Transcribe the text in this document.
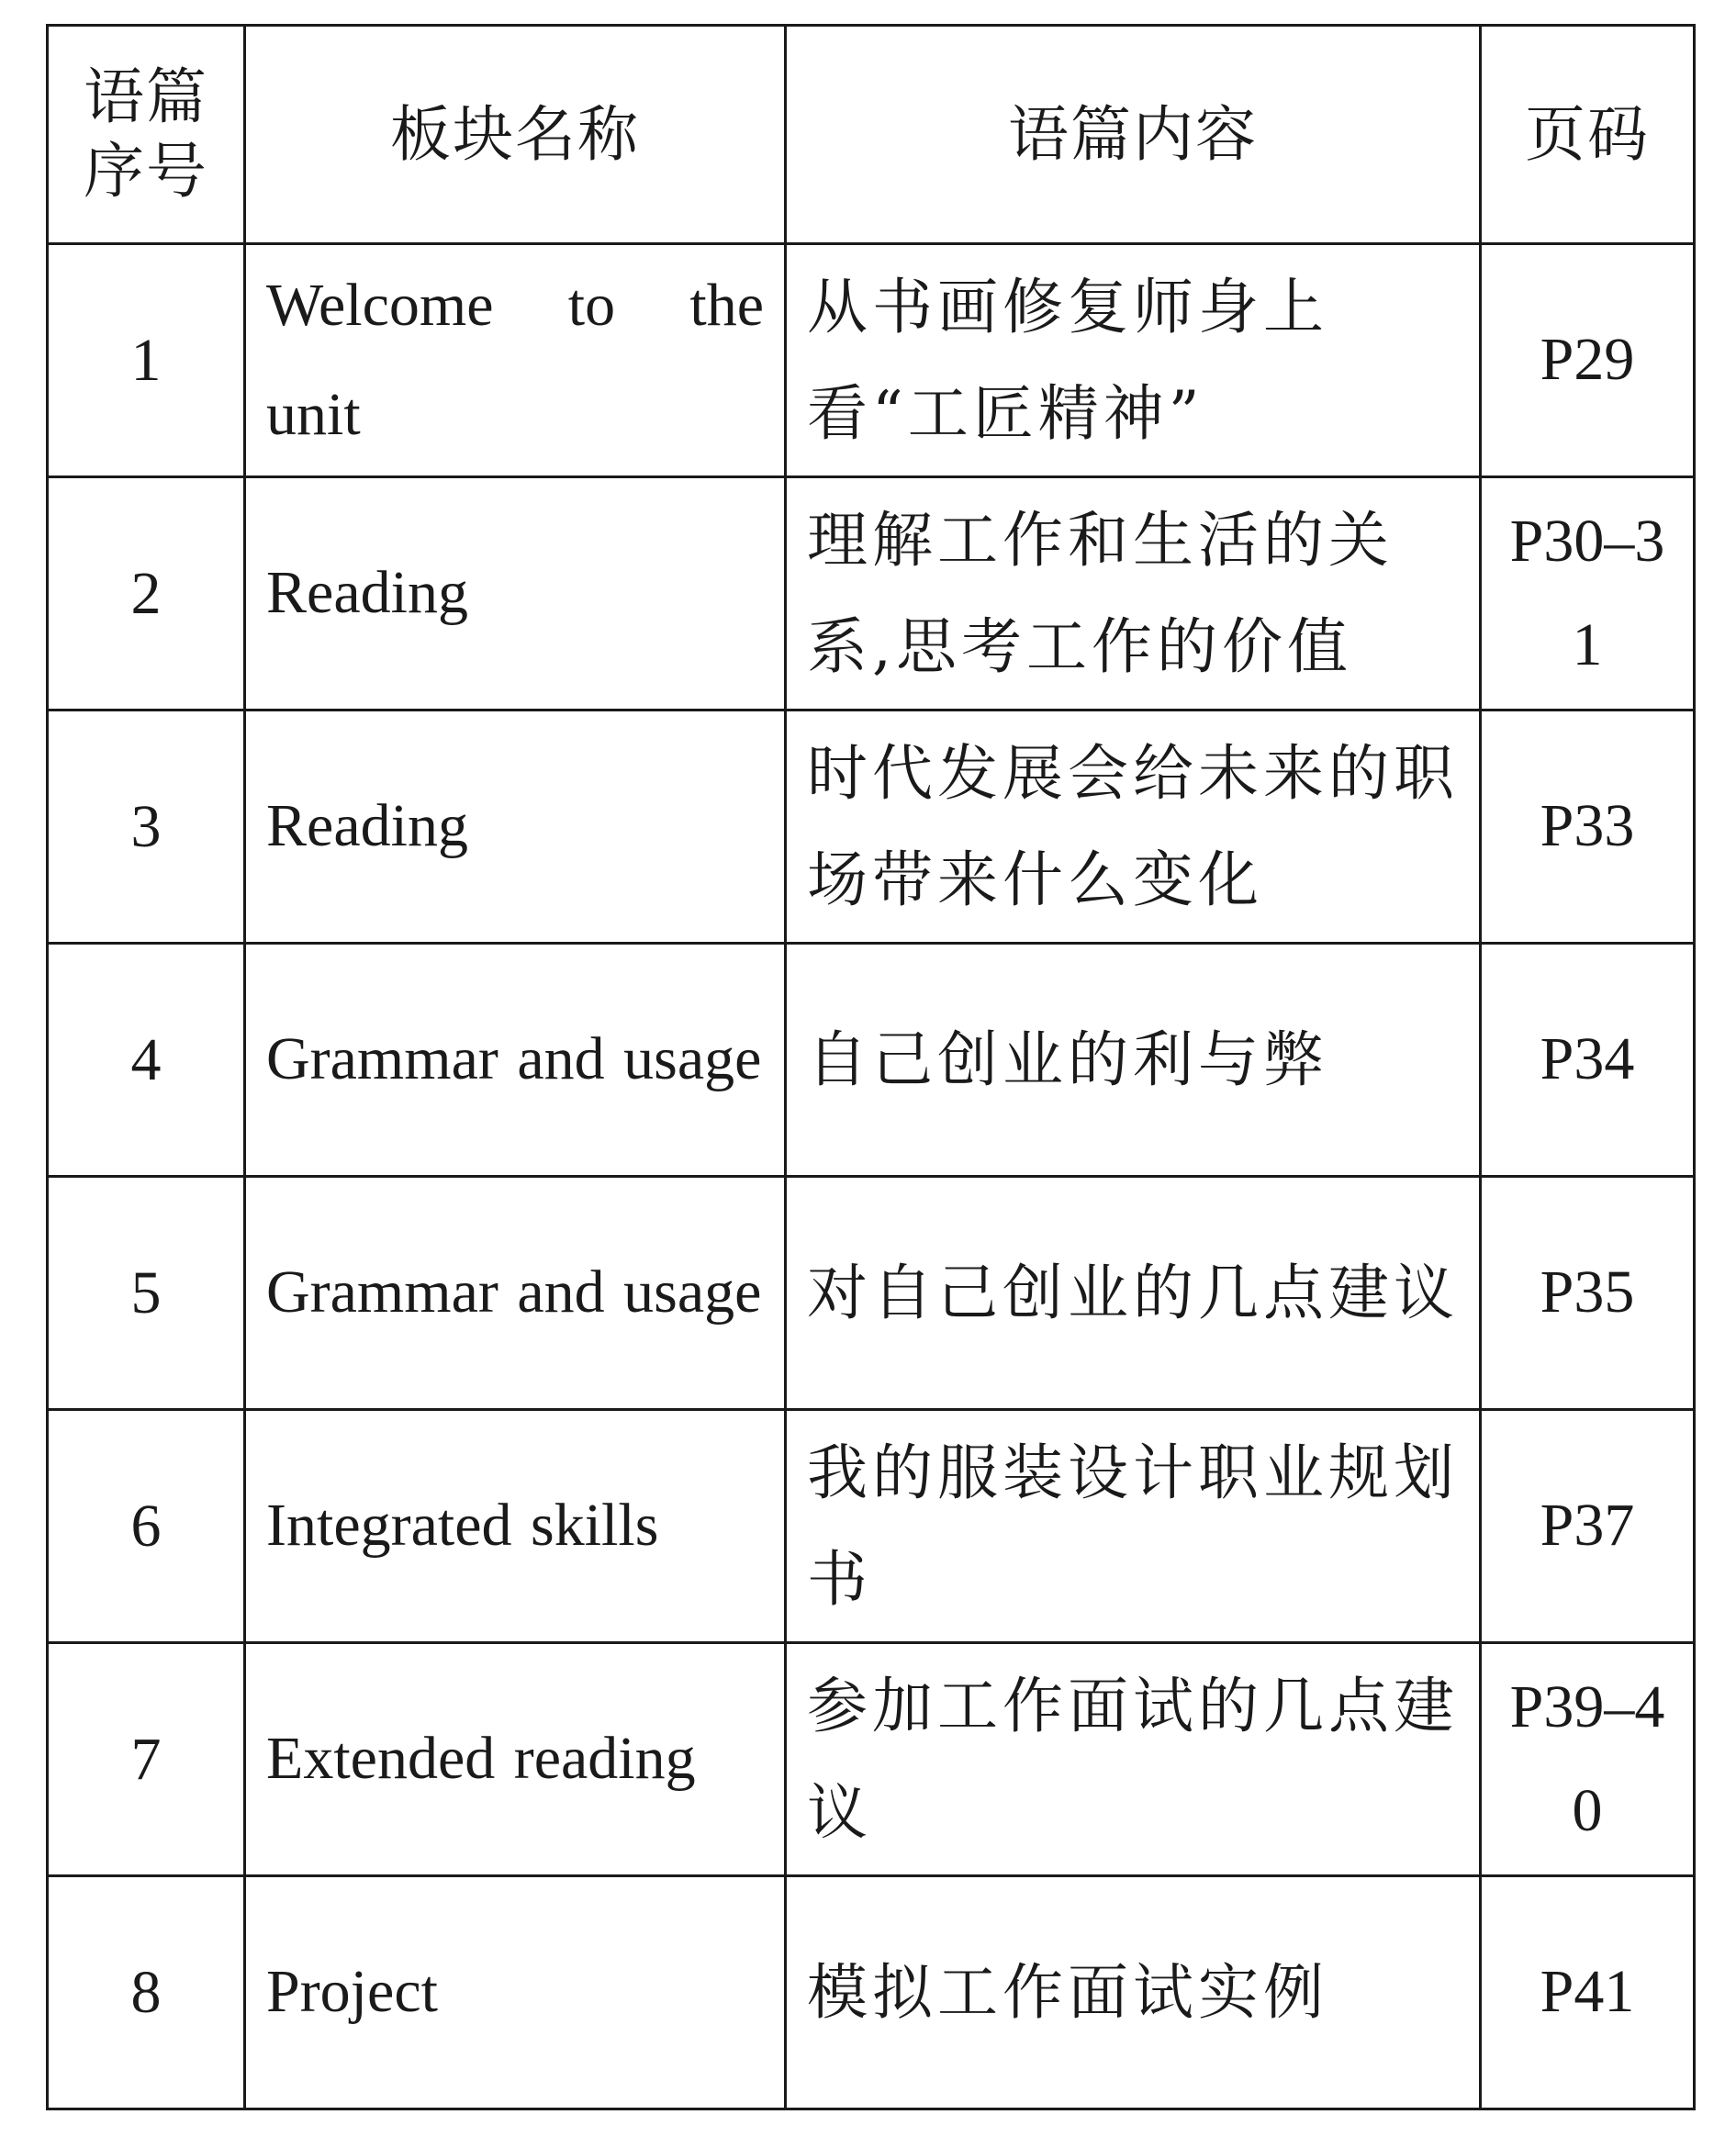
语篇序号	板块名称	语篇内容	页码
1	Welcome to the unit	从书画修复师身上看“工匠精神”	P29
2	Reading	理解工作和生活的关系,思考工作的价值	P30–31
3	Reading	时代发展会给未来的职场带来什么变化	P33
4	Grammar and usage	自己创业的利与弊	P34
5	Grammar and usage	对自己创业的几点建议	P35
6	Integrated skills	我的服装设计职业规划书	P37
7	Extended reading	参加工作面试的几点建议	P39–40
8	Project	模拟工作面试实例	P41
